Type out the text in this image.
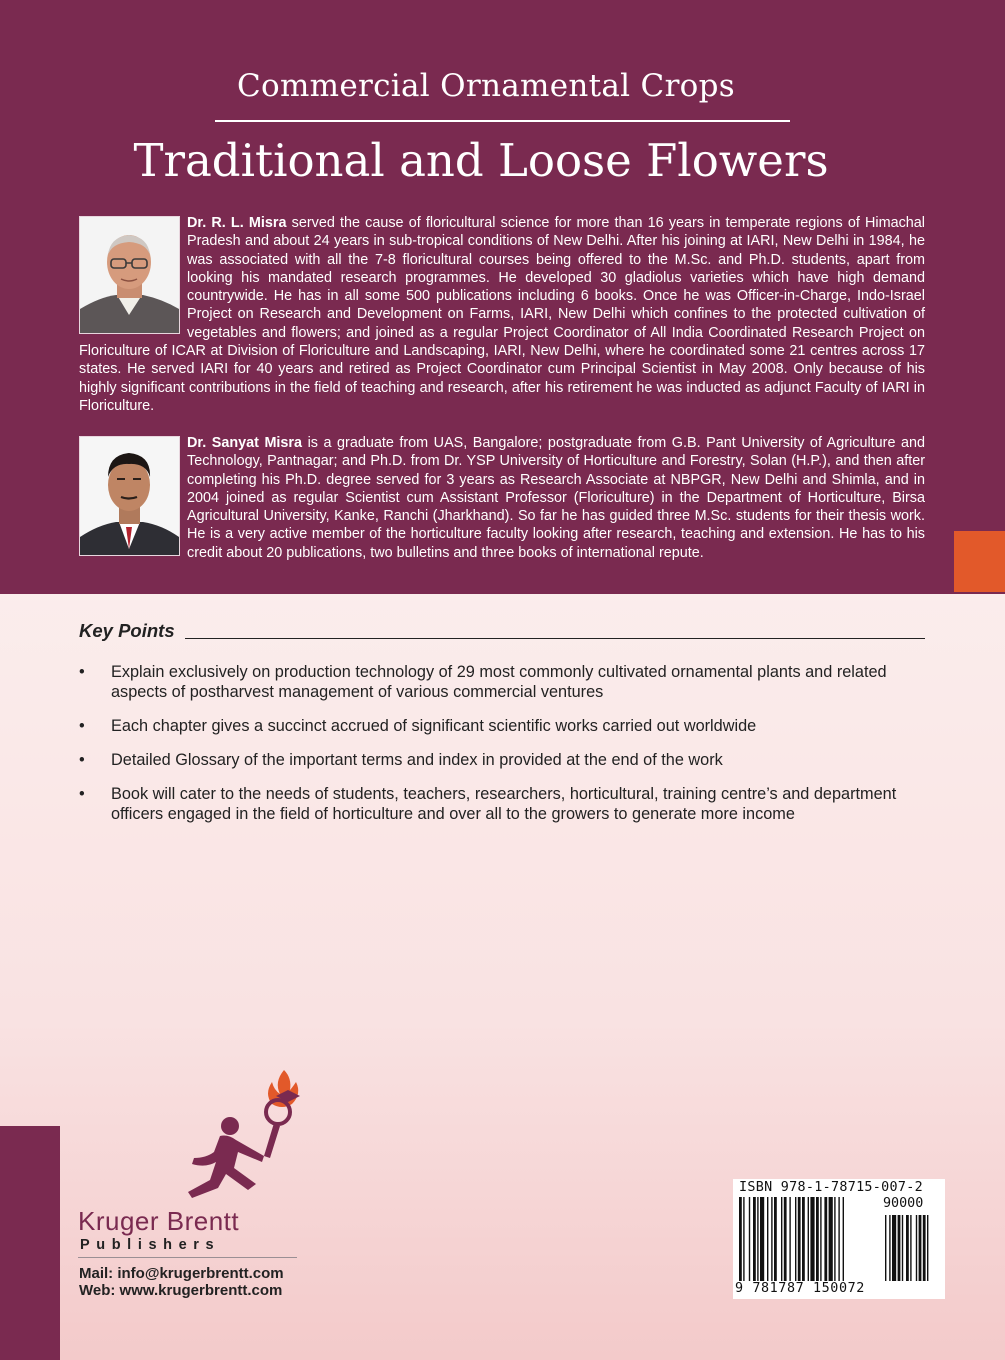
Commercial Ornamental Crops
Traditional and Loose Flowers
Dr. R. L. Misra served the cause of floricultural science for more than 16 years in temperate regions of Himachal Pradesh and about 24 years in sub-tropical conditions of New Delhi. After his joining at IARI, New Delhi in 1984, he was associated with all the 7-8 floricultural courses being offered to the M.Sc. and Ph.D. students, apart from looking his mandated research programmes. He developed 30 gladiolus varieties which have high demand countrywide. He has in all some 500 publications including 6 books. Once he was Officer-in-Charge, Indo-Israel Project on Research and Development on Farms, IARI, New Delhi which confines to the protected cultivation of vegetables and flowers; and joined as a regular Project Coordinator of All India Coordinated Research Project on Floriculture of ICAR at Division of Floriculture and Landscaping, IARI, New Delhi, where he coordinated some 21 centres across 17 states. He served IARI for 40 years and retired as Project Coordinator cum Principal Scientist in May 2008. Only because of his highly significant contributions in the field of teaching and research, after his retirement he was inducted as adjunct Faculty of IARI in Floriculture.
Dr. Sanyat Misra is a graduate from UAS, Bangalore; postgraduate from G.B. Pant University of Agriculture and Technology, Pantnagar; and Ph.D. from Dr. YSP University of Horticulture and Forestry, Solan (H.P.), and then after completing his Ph.D. degree served for 3 years as Research Associate at NBPGR, New Delhi and Shimla, and in 2004 joined as regular Scientist cum Assistant Professor (Floriculture) in the Department of Horticulture, Birsa Agricultural University, Kanke, Ranchi (Jharkhand). So far he has guided three M.Sc. students for their thesis work. He is a very active member of the horticulture faculty looking after research, teaching and extension. He has to his credit about 20 publications, two bulletins and three books of international repute.
Key Points
• Explain exclusively on production technology of 29 most commonly cultivated ornamental plants and related aspects of postharvest management of various commercial ventures
• Each chapter gives a succinct accrued of significant scientific works carried out worldwide
• Detailed Glossary of the important terms and index in provided at the end of the work
• Book will cater to the needs of students, teachers, researchers, horticultural, training centre’s and department officers engaged in the field of horticulture and over all to the growers to generate more income
Kruger Brentt
Publishers
Mail: info@krugerbrentt.com
Web: www.krugerbrentt.com
ISBN 978-1-78715-007-2
90000
9 781787 150072
